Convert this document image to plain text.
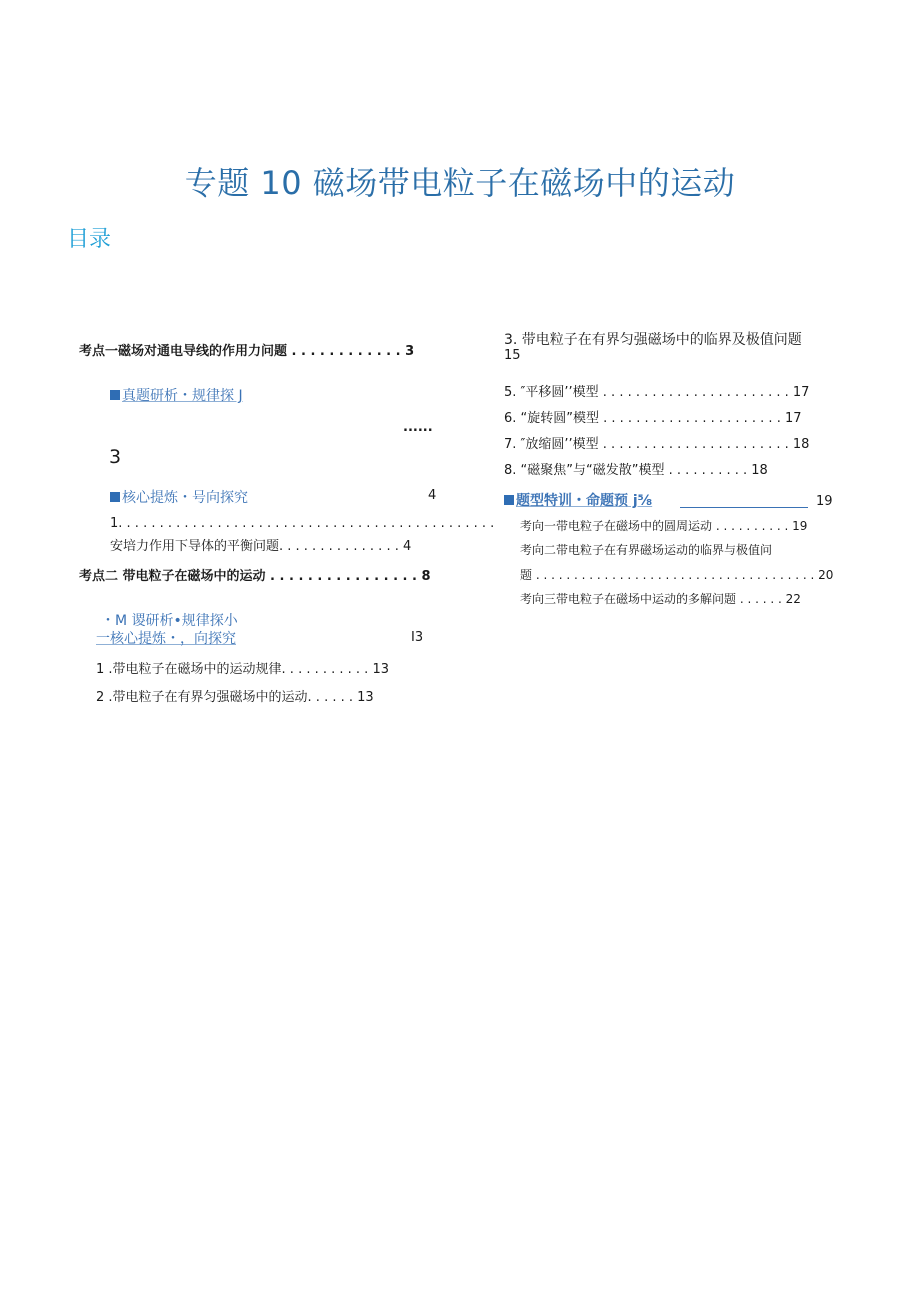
专题 10 磁场带电粒子在磁场中的运动
目录
考点一磁场对通电导线的作用力问题 . . . . . . . . . . . . 3
真题研析・规律探 J
......
3
核心提炼・号向探究	4
1. . . . . . . . . . . . . . . . . . . . . . . . . . . . . . . . . . . . . . . . . . . . . .
安培力作用下导体的平衡问题. . . . . . . . . . . . . . . 4
考点二 带电粒子在磁场中的运动 . . . . . . . . . . . . . . . . 8
・M 谡研析•规律探小
一核心提炼・，向探究	I3
1 .带电粒子在磁场中的运动规律. . . . . . . . . . . 13
2 .带电粒子在有界匀强磁场中的运动. . . . . . 13
3. 带电粒子在有界匀强磁场中的临界及极值问题
15
5. ″平移圆’’模型 . . . . . . . . . . . . . . . . . . . . . . . 17
6. “旋转圆”模型 . . . . . . . . . . . . . . . . . . . . . . 17
7. ″放缩圆’’模型 . . . . . . . . . . . . . . . . . . . . . . . 18
8. “磁聚焦”与“磁发散”模型 . . . . . . . . . . 18
题型特训・命题预 j⅝	19
考向一带电粒子在磁场中的圆周运动 . . . . . . . . . . 19
考向二带电粒子在有界磁场运动的临界与极值问
题 . . . . . . . . . . . . . . . . . . . . . . . . . . . . . . . . . . . . . 20
考向三带电粒子在磁场中运动的多解问题 . . . . . . 22
